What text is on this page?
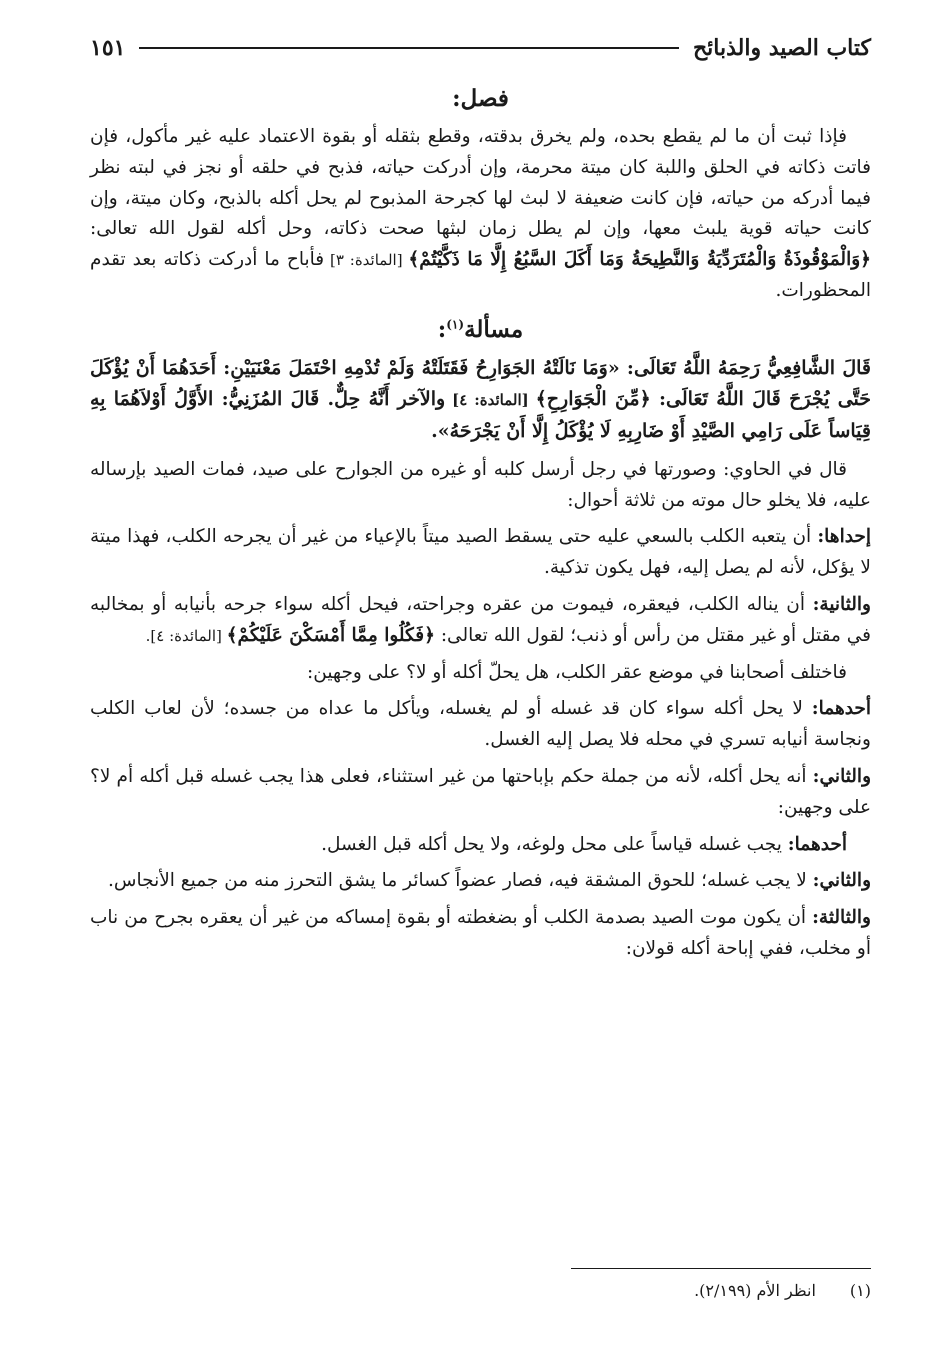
كتاب الصيد والذبائح
١٥١
فصل:

فإذا ثبت أن ما لم يقطع بحده، ولم يخرق بدقته، وقطع بثقله أو بقوة الاعتماد عليه غير مأكول، فإن فاتت ذكاته في الحلق واللبة كان ميتة محرمة، وإن أدركت حياته، فذبح في حلقه أو نجز في لبته نظر فيما أدركه من حياته، فإن كانت ضعيفة لا لبث لها كجرحة المذبوح لم يحل أكله بالذبح، وكان ميتة، وإن كانت حياته قوية يلبث معها، وإن لم يطل زمان لبثها صحت ذكاته، وحل أكله لقول الله تعالى: ﴿وَالْمَوْقُوذَةُ وَالْمُتَرَدِّيَةُ وَالنَّطِيحَةُ وَمَا أَكَلَ السَّبُعُ إِلَّا مَا ذَكَّيْتُمْ﴾ [المائدة: ٣] فأباح ما أدركت ذكاته بعد تقدم المحظورات.

مسألة$^{(١)}$:

قَالَ الشَّافِعِيُّ رَحِمَهُ اللَّهُ تَعَالَى: «وَمَا نَالَتْهُ الجَوَارِحُ فَقَتَلَتْهُ وَلَمْ تُدْمِهِ احْتَمَلَ مَعْنَيَيْنِ: أَحَدَهُمَا أَنْ يُؤْكَلَ حَتَّى يُجْرَحَ قَالَ اللَّهُ تَعَالَى: ﴿مِّنَ الْجَوَارِحِ﴾ [المائدة: ٤] والآخر أَنَّهُ حِلٌّ. قَالَ المُزَنِيُّ: الأَوَّلُ أَوْلاَهُمَا بِهِ قِيَاساً عَلَى رَامِي الصَّيْدِ أَوْ ضَارِبِهِ لَا يُؤْكَلُ إِلَّا أَنْ يَجْرَحَهُ».

قال في الحاوي: وصورتها في رجل أرسل كلبه أو غيره من الجوارح على صيد، فمات الصيد بإرساله عليه، فلا يخلو حال موته من ثلاثة أحوال:

إحداها: أن يتعبه الكلب بالسعي عليه حتى يسقط الصيد ميتاً بالإعياء من غير أن يجرحه الكلب، فهذا ميتة لا يؤكل، لأنه لم يصل إليه، فهل يكون تذكية.

والثانية: أن يناله الكلب، فيعقره، فيموت من عقره وجراحته، فيحل أكله سواء جرحه بأنيابه أو بمخالبه في مقتل أو غير مقتل من رأس أو ذنب؛ لقول الله تعالى: ﴿فَكُلُوا مِمَّا أَمْسَكْنَ عَلَيْكُمْ﴾ [المائدة: ٤].

فاختلف أصحابنا في موضع عقر الكلب، هل يحلّ أكله أو لا؟ على وجهين:

أحدهما: لا يحل أكله سواء كان قد غسله أو لم يغسله، ويأكل ما عداه من جسده؛ لأن لعاب الكلب ونجاسة أنيابه تسري في محله فلا يصل إليه الغسل.

والثاني: أنه يحل أكله، لأنه من جملة حكم بإباحتها من غير استثناء، فعلى هذا يجب غسله قبل أكله أم لا؟ على وجهين:

أحدهما: يجب غسله قياساً على محل ولوغه، ولا يحل أكله قبل الغسل.

والثاني: لا يجب غسله؛ للحوق المشقة فيه، فصار عضواً كسائر ما يشق التحرز منه من جميع الأنجاس.

والثالثة: أن يكون موت الصيد بصدمة الكلب أو بضغطته أو بقوة إمساكه من غير أن يعقره بجرح من ناب أو مخلب، ففي إباحة أكله قولان:

(١)انظر الأم (٢/١٩٩).
